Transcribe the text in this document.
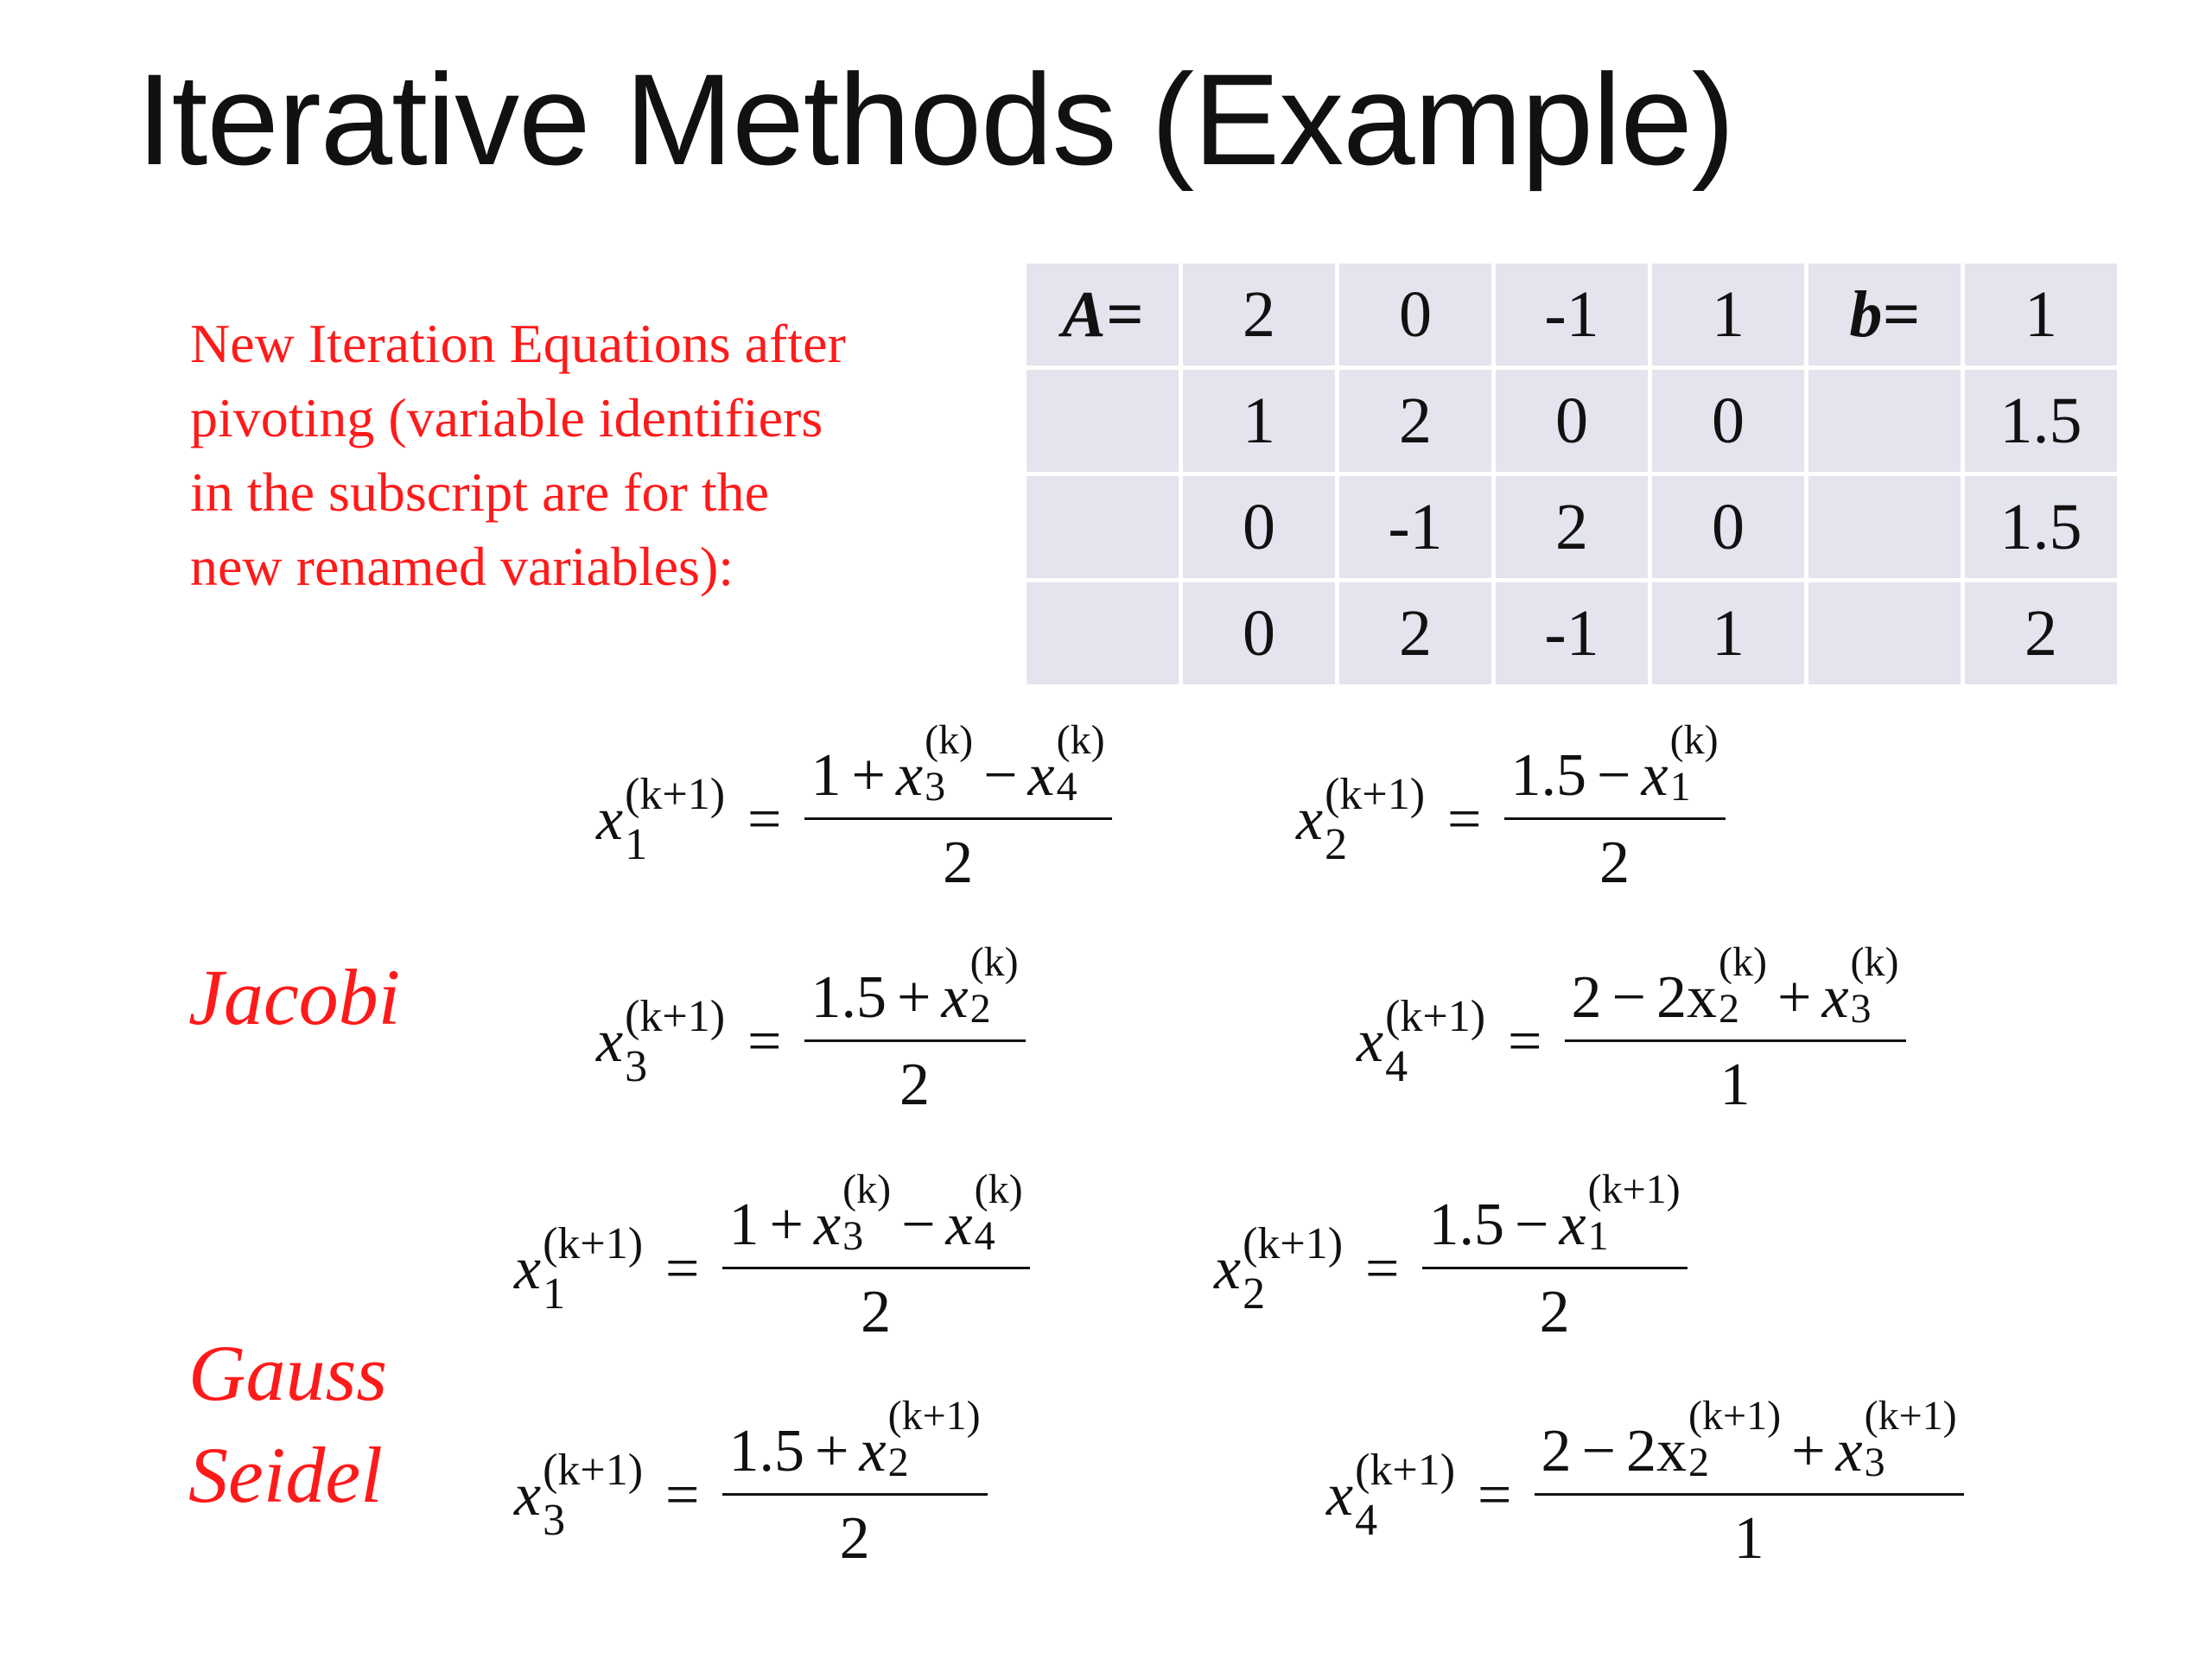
Iterative Methods (Example)
New Iteration Equations after
pivoting (variable identifiers
in the subscript are for the
new renamed variables):
A=	2	0	-1	1	b=	1
	1	2	0	0		1.5
	0	-1	2	0		1.5
	0	2	-1	1		2
Jacobi
Gauss
Seidel
x (k+1)
1	= 1 + x
(k)
3 − x
(k)
4
2	x (k+1)
2	= 1.5 − x
(k)
1
2
x (k+1)
3	= 1.5 + x
(k)
2
2	x (k+1)
4	= 2 − 2x
(k)
2 + x
(k)
3
1
x (k+1)
1	= 1 + x
(k)
3 − x
(k)
4
2	x (k+1)
2	= 1.5 − x
(k+1)
1
2
x (k+1)
3	= 1.5 + x
(k+1)
2
2	x (k+1)
4	= 2 − 2x
(k+1)
2	+ x
(k+1)
3
1
